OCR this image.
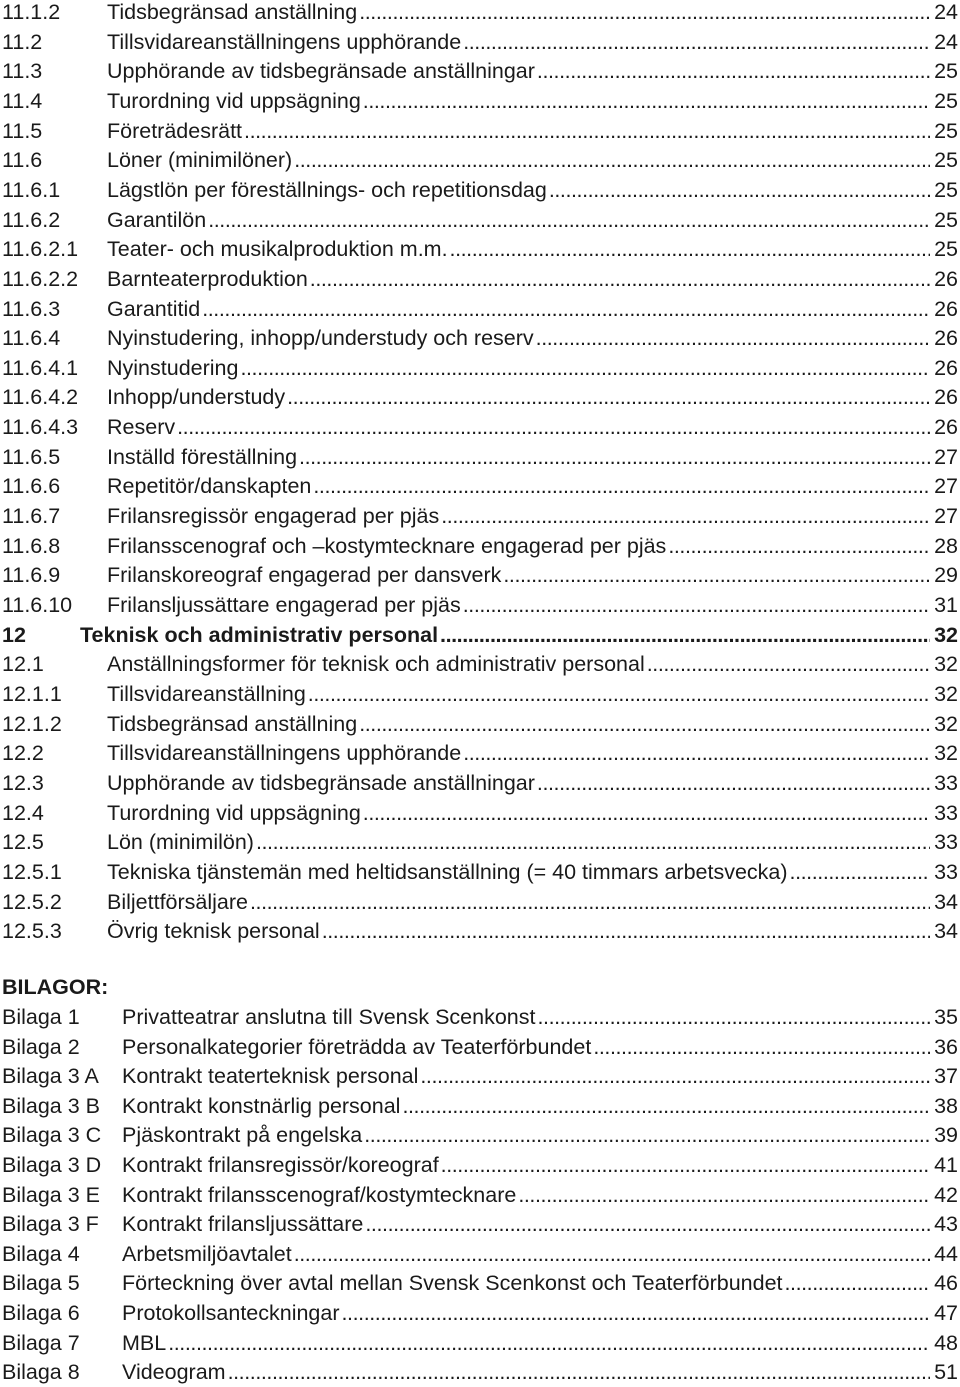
11.1.2 Tidsbegränsad anställning . . .	24
11.2	Tillsvidareanställningens upphörande . . .	24
11.3	Upphörande av tidsbegränsade anställningar . . .	25
11.4	Turordning vid uppsägning . . .	25
11.5	Företrädesrätt . . .	25
11.6	Löner (minimilöner) . . .	25
11.6.1 Lägstlön per föreställnings- och repetitionsdag . . .	25
11.6.2 Garantilön . . .	25
11.6.2.1 Teater- och musikalproduktion m.m. . . .	25
11.6.2.2 Barnteaterproduktion . . .	26
11.6.3 Garantitid . . .	26
11.6.4 Nyinstudering, inhopp/understudy och reserv . . .	26
11.6.4.1 Nyinstudering . . .	26
11.6.4.2 Inhopp/understudy . . .	26
11.6.4.3 Reserv . . .	26
11.6.5 Inställd föreställning . . .	27
11.6.6 Repetitör/danskapten . . .	27
11.6.7 Frilansregissör engagerad per pjäs . . .	27
11.6.8 Frilansscenograf och –kostymtecknare engagerad per pjäs . . .	28
11.6.9 Frilanskoreograf engagerad per dansverk . . .	29
11.6.10 Frilansljussättare engagerad per pjäs . . .	31
12	Teknisk och administrativ personal . . .	32
12.1	Anställningsformer för teknisk och administrativ personal . . .	32
12.1.1 Tillsvidareanställning . . .	32
12.1.2 Tidsbegränsad anställning . . .	32
12.2	Tillsvidareanställningens upphörande . . .	32
12.3	Upphörande av tidsbegränsade anställningar . . .	33
12.4	Turordning vid uppsägning . . .	33
12.5	Lön (minimilön) . . .	33
12.5.1 Tekniska tjänstemän med heltidsanställning (= 40 timmars arbetsvecka) . . .	33
12.5.2 Biljettförsäljare . . .	34
12.5.3 Övrig teknisk personal . . .	34
BILAGOR:
Bilaga 1 Privatteatrar anslutna till Svensk Scenkonst . . .	35
Bilaga 2 Personalkategorier företrädda av Teaterförbundet . . .	36
Bilaga 3 A Kontrakt teaterteknisk personal . . .	37
Bilaga 3 B Kontrakt konstnärlig personal . . .	38
Bilaga 3 C Pjäskontrakt på engelska . . .	39
Bilaga 3 D Kontrakt frilansregissör/koreograf . . .	41
Bilaga 3 E Kontrakt frilansscenograf/kostymtecknare . . .	42
Bilaga 3 F Kontrakt frilansljussättare . . .	43
Bilaga 4 Arbetsmiljöavtalet . . .	44
Bilaga 5 Förteckning över avtal mellan Svensk Scenkonst och Teaterförbundet . . .	46
Bilaga 6 Protokollsanteckningar . . .	47
Bilaga 7 MBL . . .	48
Bilaga 8 Videogram . . .	51
